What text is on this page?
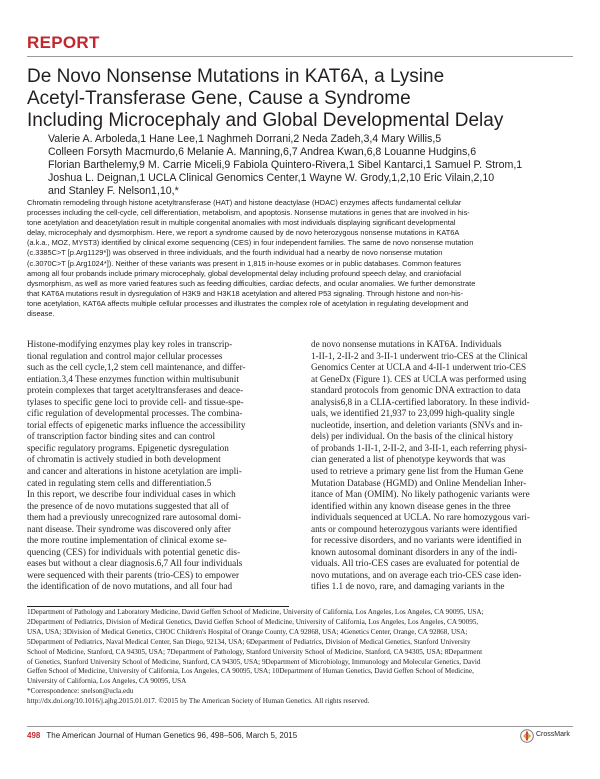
REPORT
De Novo Nonsense Mutations in KAT6A, a Lysine
Acetyl-Transferase Gene, Cause a Syndrome
Including Microcephaly and Global Developmental Delay
Valerie A. Arboleda,1 Hane Lee,1 Naghmeh Dorrani,2 Neda Zadeh,3,4 Mary Willis,5
Colleen Forsyth Macmurdo,6 Melanie A. Manning,6,7 Andrea Kwan,6,8 Louanne Hudgins,6
Florian Barthelemy,9 M. Carrie Miceli,9 Fabiola Quintero-Rivera,1 Sibel Kantarci,1 Samuel P. Strom,1
Joshua L. Deignan,1 UCLA Clinical Genomics Center,1 Wayne W. Grody,1,2,10 Eric Vilain,2,10
and Stanley F. Nelson1,10,*
Chromatin remodeling through histone acetyltransferase (HAT) and histone deactylase (HDAC) enzymes affects fundamental cellular
processes including the cell-cycle, cell differentiation, metabolism, and apoptosis. Nonsense mutations in genes that are involved in his-
tone acetylation and deacetylation result in multiple congenital anomalies with most individuals displaying significant developmental
delay, microcephaly and dysmorphism. Here, we report a syndrome caused by de novo heterozygous nonsense mutations in KAT6A
(a.k.a., MOZ, MYST3) identified by clinical exome sequencing (CES) in four independent families. The same de novo nonsense mutation
(c.3385C>T [p.Arg1129*]) was observed in three individuals, and the fourth individual had a nearby de novo nonsense mutation
(c.3070C>T [p.Arg1024*]). Neither of these variants was present in 1,815 in-house exomes or in public databases. Common features
among all four probands include primary microcephaly, global developmental delay including profound speech delay, and craniofacial
dysmorphism, as well as more varied features such as feeding difficulties, cardiac defects, and ocular anomalies. We further demonstrate
that KAT6A mutations result in dysregulation of H3K9 and H3K18 acetylation and altered P53 signaling. Through histone and non-his-
tone acetylation, KAT6A affects multiple cellular processes and illustrates the complex role of acetylation in regulating development and
disease.
Histone-modifying enzymes play key roles in transcrip-
tional regulation and control major cellular processes
such as the cell cycle,1,2 stem cell maintenance, and differ-
entiation.3,4 These enzymes function within multisubunit
protein complexes that target acetyltransferases and deace-
tylases to specific gene loci to provide cell- and tissue-spe-
cific regulation of developmental processes. The combina-
torial effects of epigenetic marks influence the accessibility
of transcription factor binding sites and can control
specific regulatory programs. Epigenetic dysregulation
of chromatin is actively studied in both development
and cancer and alterations in histone acetylation are impli-
cated in regulating stem cells and differentiation.5
In this report, we describe four individual cases in which
the presence of de novo mutations suggested that all of
them had a previously unrecognized rare autosomal domi-
nant disease. Their syndrome was discovered only after
the more routine implementation of clinical exome se-
quencing (CES) for individuals with potential genetic dis-
eases but without a clear diagnosis.6,7 All four individuals
were sequenced with their parents (trio-CES) to empower
the identification of de novo mutations, and all four had
de novo nonsense mutations in KAT6A. Individuals
1-II-1, 2-II-2 and 3-II-1 underwent trio-CES at the Clinical
Genomics Center at UCLA and 4-II-1 underwent trio-CES
at GeneDx (Figure 1). CES at UCLA was performed using
standard protocols from genomic DNA extraction to data
analysis6,8 in a CLIA-certified laboratory. In these individ-
uals, we identified 21,937 to 23,099 high-quality single
nucleotide, insertion, and deletion variants (SNVs and in-
dels) per individual. On the basis of the clinical history
of probands 1-II-1, 2-II-2, and 3-II-1, each referring physi-
cian generated a list of phenotype keywords that was
used to retrieve a primary gene list from the Human Gene
Mutation Database (HGMD) and Online Mendelian Inher-
itance of Man (OMIM). No likely pathogenic variants were
identified within any known disease genes in the three
individuals sequenced at UCLA. No rare homozygous vari-
ants or compound heterozygous variants were identified
for recessive disorders, and no variants were identified in
known autosomal dominant disorders in any of the indi-
viduals. All trio-CES cases are evaluated for potential de
novo mutations, and on average each trio-CES case iden-
tifies 1.1 de novo, rare, and damaging variants in the
1Department of Pathology and Laboratory Medicine, David Geffen School of Medicine, University of California, Los Angeles, Los Angeles, CA 90095, USA;
2Department of Pediatrics, Division of Medical Genetics, David Geffen School of Medicine, University of California, Los Angeles, Los Angeles, CA 90095,
USA, USA; 3Division of Medical Genetics, CHOC Children's Hospital of Orange County, CA 92868, USA; 4Genetics Center, Orange, CA 92868, USA;
5Department of Pediatrics, Naval Medical Center, San Diego, 92134, USA; 6Department of Pediatrics, Division of Medical Genetics, Stanford University
School of Medicine, Stanford, CA 94305, USA; 7Department of Pathology, Stanford University School of Medicine, Stanford, CA 94305, USA; 8Department
of Genetics, Stanford University School of Medicine, Stanford, CA 94305, USA; 9Department of Microbiology, Immunology and Molecular Genetics, David
Geffen School of Medicine, University of California, Los Angeles, CA 90095, USA; 10Department of Human Genetics, David Geffen School of Medicine,
University of California, Los Angeles, CA 90095, USA
*Correspondence: snelson@ucla.edu
http://dx.doi.org/10.1016/j.ajhg.2015.01.017. ©2015 by The American Society of Human Genetics. All rights reserved.
498 The American Journal of Human Genetics 96, 498–506, March 5, 2015	CrossMark
